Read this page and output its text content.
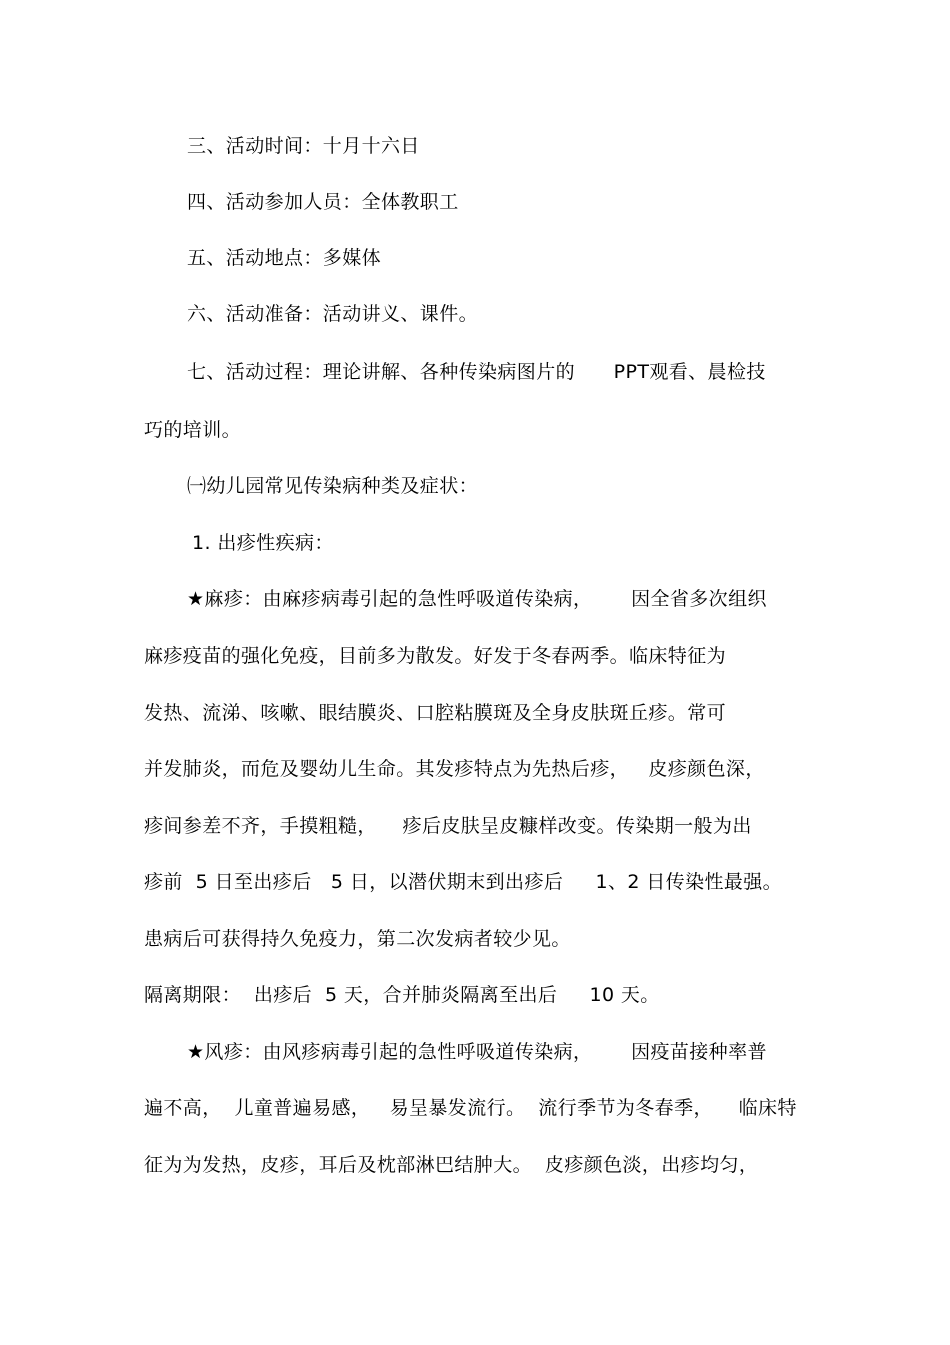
三、活动时间：十月十六日
四、活动参加人员：全体教职工
五、活动地点：多媒体
六、活动准备：活动讲义、课件。
七、活动过程：理论讲解、各种传染病图片的      PPT观看、晨检技
巧的培训。
㈠幼儿园常见传染病种类及症状：
1. 出疹性疾病：
★麻疹：由麻疹病毒引起的急性呼吸道传染病，      因全省多次组织
麻疹疫苗的强化免疫，目前多为散发。好发于冬春两季。临床特征为
发热、流涕、咳嗽、眼结膜炎、口腔粘膜斑及全身皮肤斑丘疹。常可
并发肺炎，而危及婴幼儿生命。其发疹特点为先热后疹，   皮疹颜色深，
疹间参差不齐，手摸粗糙，    疹后皮肤呈皮糠样改变。传染期一般为出
疹前  5 日至出疹后   5 日，以潜伏期末到出疹后     1、2 日传染性最强。
患病后可获得持久免疫力，第二次发病者较少见。
隔离期限：  出疹后  5 天，合并肺炎隔离至出后     10 天。
★风疹：由风疹病毒引起的急性呼吸道传染病，      因疫苗接种率普
遍不高，  儿童普遍易感，   易呈暴发流行。  流行季节为冬春季，    临床特
征为为发热，皮疹，耳后及枕部淋巴结肿大。  皮疹颜色淡，出疹均匀，
